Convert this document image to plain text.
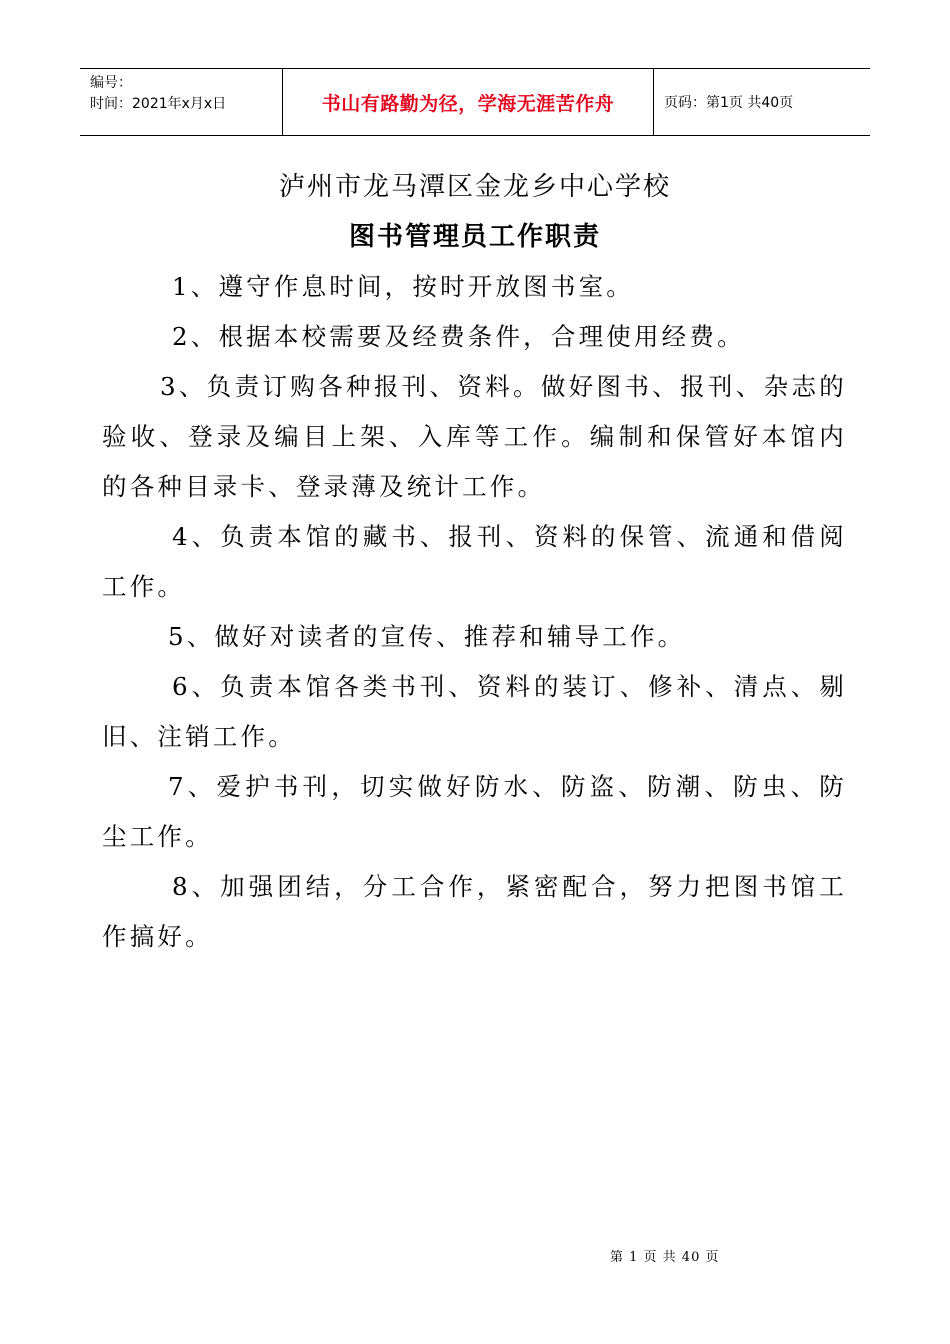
编号：
时间：2021年x月x日	书山有路勤为径，学海无涯苦作舟	页码：第1页 共40页
泸州市龙马潭区金龙乡中心学校
图书管理员工作职责

1、遵守作息时间，按时开放图书室。

2、根据本校需要及经费条件，合理使用经费。

3、负责订购各种报刊、资料。做好图书、报刊、杂志的验收、登录及编目上架、入库等工作。编制和保管好本馆内的各种目录卡、登录薄及统计工作。

4、负责本馆的藏书、报刊、资料的保管、流通和借阅工作。

5、做好对读者的宣传、推荐和辅导工作。

6、负责本馆各类书刊、资料的装订、修补、清点、剔旧、注销工作。

7、爱护书刊，切实做好防水、防盗、防潮、防虫、防尘工作。

8、加强团结，分工合作，紧密配合，努力把图书馆工作搞好。

第 1 页 共 40 页
